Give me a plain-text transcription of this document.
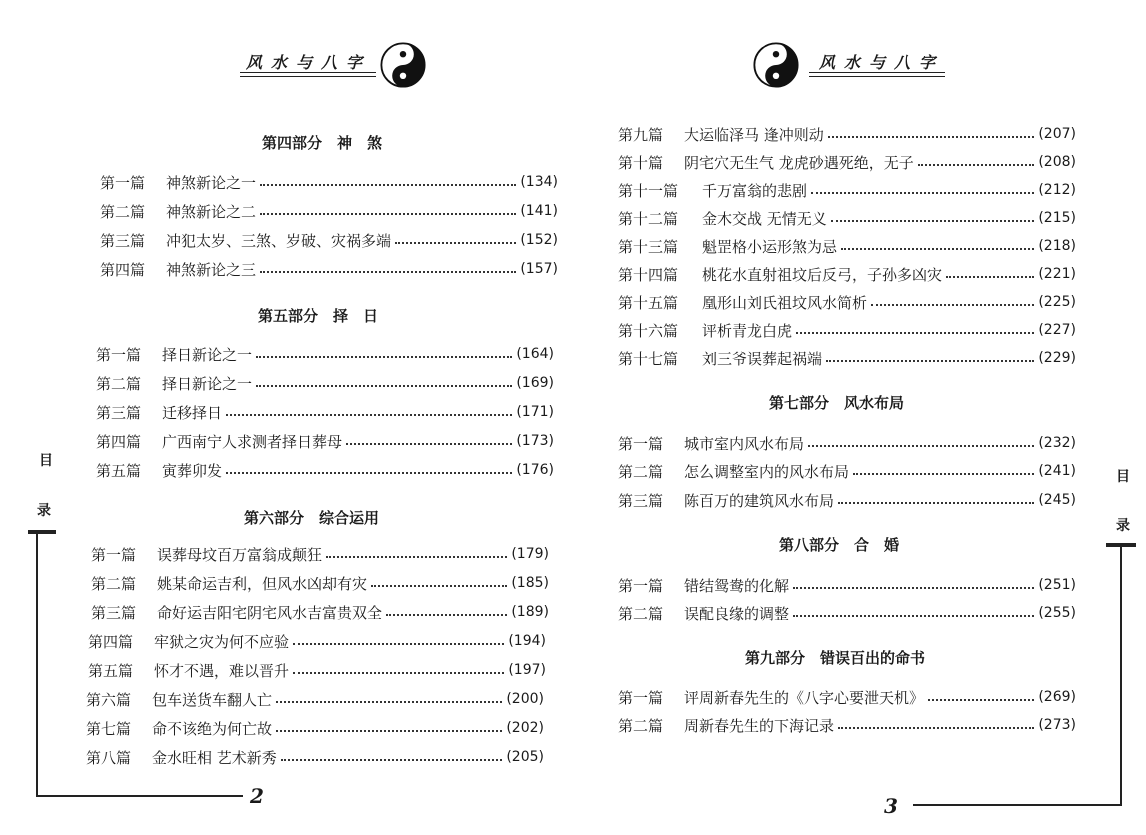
风水与八字
第四部分　神　煞
第一篇	神煞新论之一	(134)
第二篇	神煞新论之二	(141)
第三篇	冲犯太岁、三煞、岁破、灾祸多端	(152)
第四篇	神煞新论之三	(157)
第五部分　择　日
第一篇	择日新论之一	(164)
第二篇	择日新论之一	(169)
第三篇	迁移择日	(171)
第四篇	广西南宁人求测者择日葬母	(173)
第五篇	寅葬卯发	(176)
第六部分　综合运用
第一篇	误葬母坟百万富翁成颠狂	(179)
第二篇	姚某命运吉利，但风水凶却有灾	(185)
第三篇	命好运吉阳宅阴宅风水吉富贵双全	(189)
第四篇	牢狱之灾为何不应验	(194)
第五篇	怀才不遇，难以晋升	(197)
第六篇	包车送货车翻人亡	(200)
第七篇	命不该绝为何亡故	(202)
第八篇	金水旺相 艺术新秀	(205)
目
录
2
风水与八字
第九篇	大运临泽马 逢冲则动	(207)
第十篇	阴宅穴无生气 龙虎砂遇死绝，无子	(208)
第十一篇	千万富翁的悲剧	(212)
第十二篇	金木交战 无情无义	(215)
第十三篇	魁罡格小运形煞为忌	(218)
第十四篇	桃花水直射祖坟后反弓，子孙多凶灾	(221)
第十五篇	凰形山刘氏祖坟风水简析	(225)
第十六篇	评析青龙白虎	(227)
第十七篇	刘三爷误葬起祸端	(229)
第七部分　风水布局
第一篇	城市室内风水布局	(232)
第二篇	怎么调整室内的风水布局	(241)
第三篇	陈百万的建筑风水布局	(245)
第八部分　合　婚
第一篇	错结鸳鸯的化解	(251)
第二篇	误配良缘的调整	(255)
第九部分　错误百出的命书
第一篇	评周新春先生的《八字心要泄天机》	(269)
第二篇	周新春先生的下海记录	(273)
目
录
3
